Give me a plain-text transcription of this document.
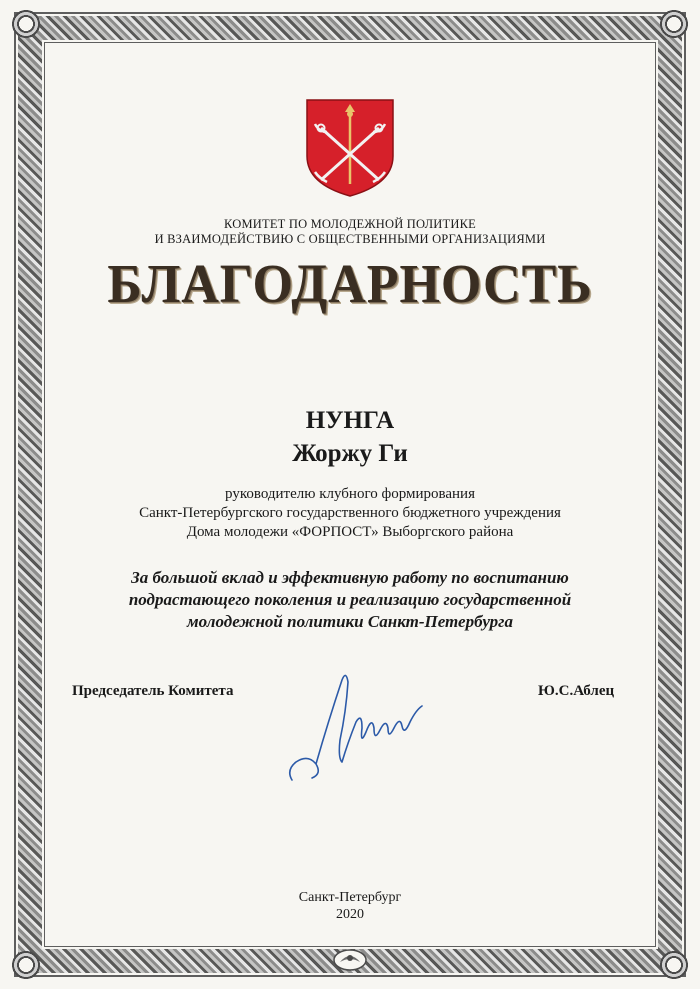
КОМИТЕТ ПО МОЛОДЕЖНОЙ ПОЛИТИКЕ
И ВЗАИМОДЕЙСТВИЮ С ОБЩЕСТВЕННЫМИ ОРГАНИЗАЦИЯМИ
БЛАГОДАРНОСТЬ
НУНГА
Жоржу Ги
руководителю клубного формирования
Санкт-Петербургского государственного бюджетного учреждения
Дома молодежи «ФОРПОСТ» Выборгского района
За большой вклад и эффективную работу по воспитанию
подрастающего поколения и реализацию государственной
молодежной политики Санкт-Петербурга
Председатель Комитета	Ю.С.Аблец
Санкт-Петербург
2020
